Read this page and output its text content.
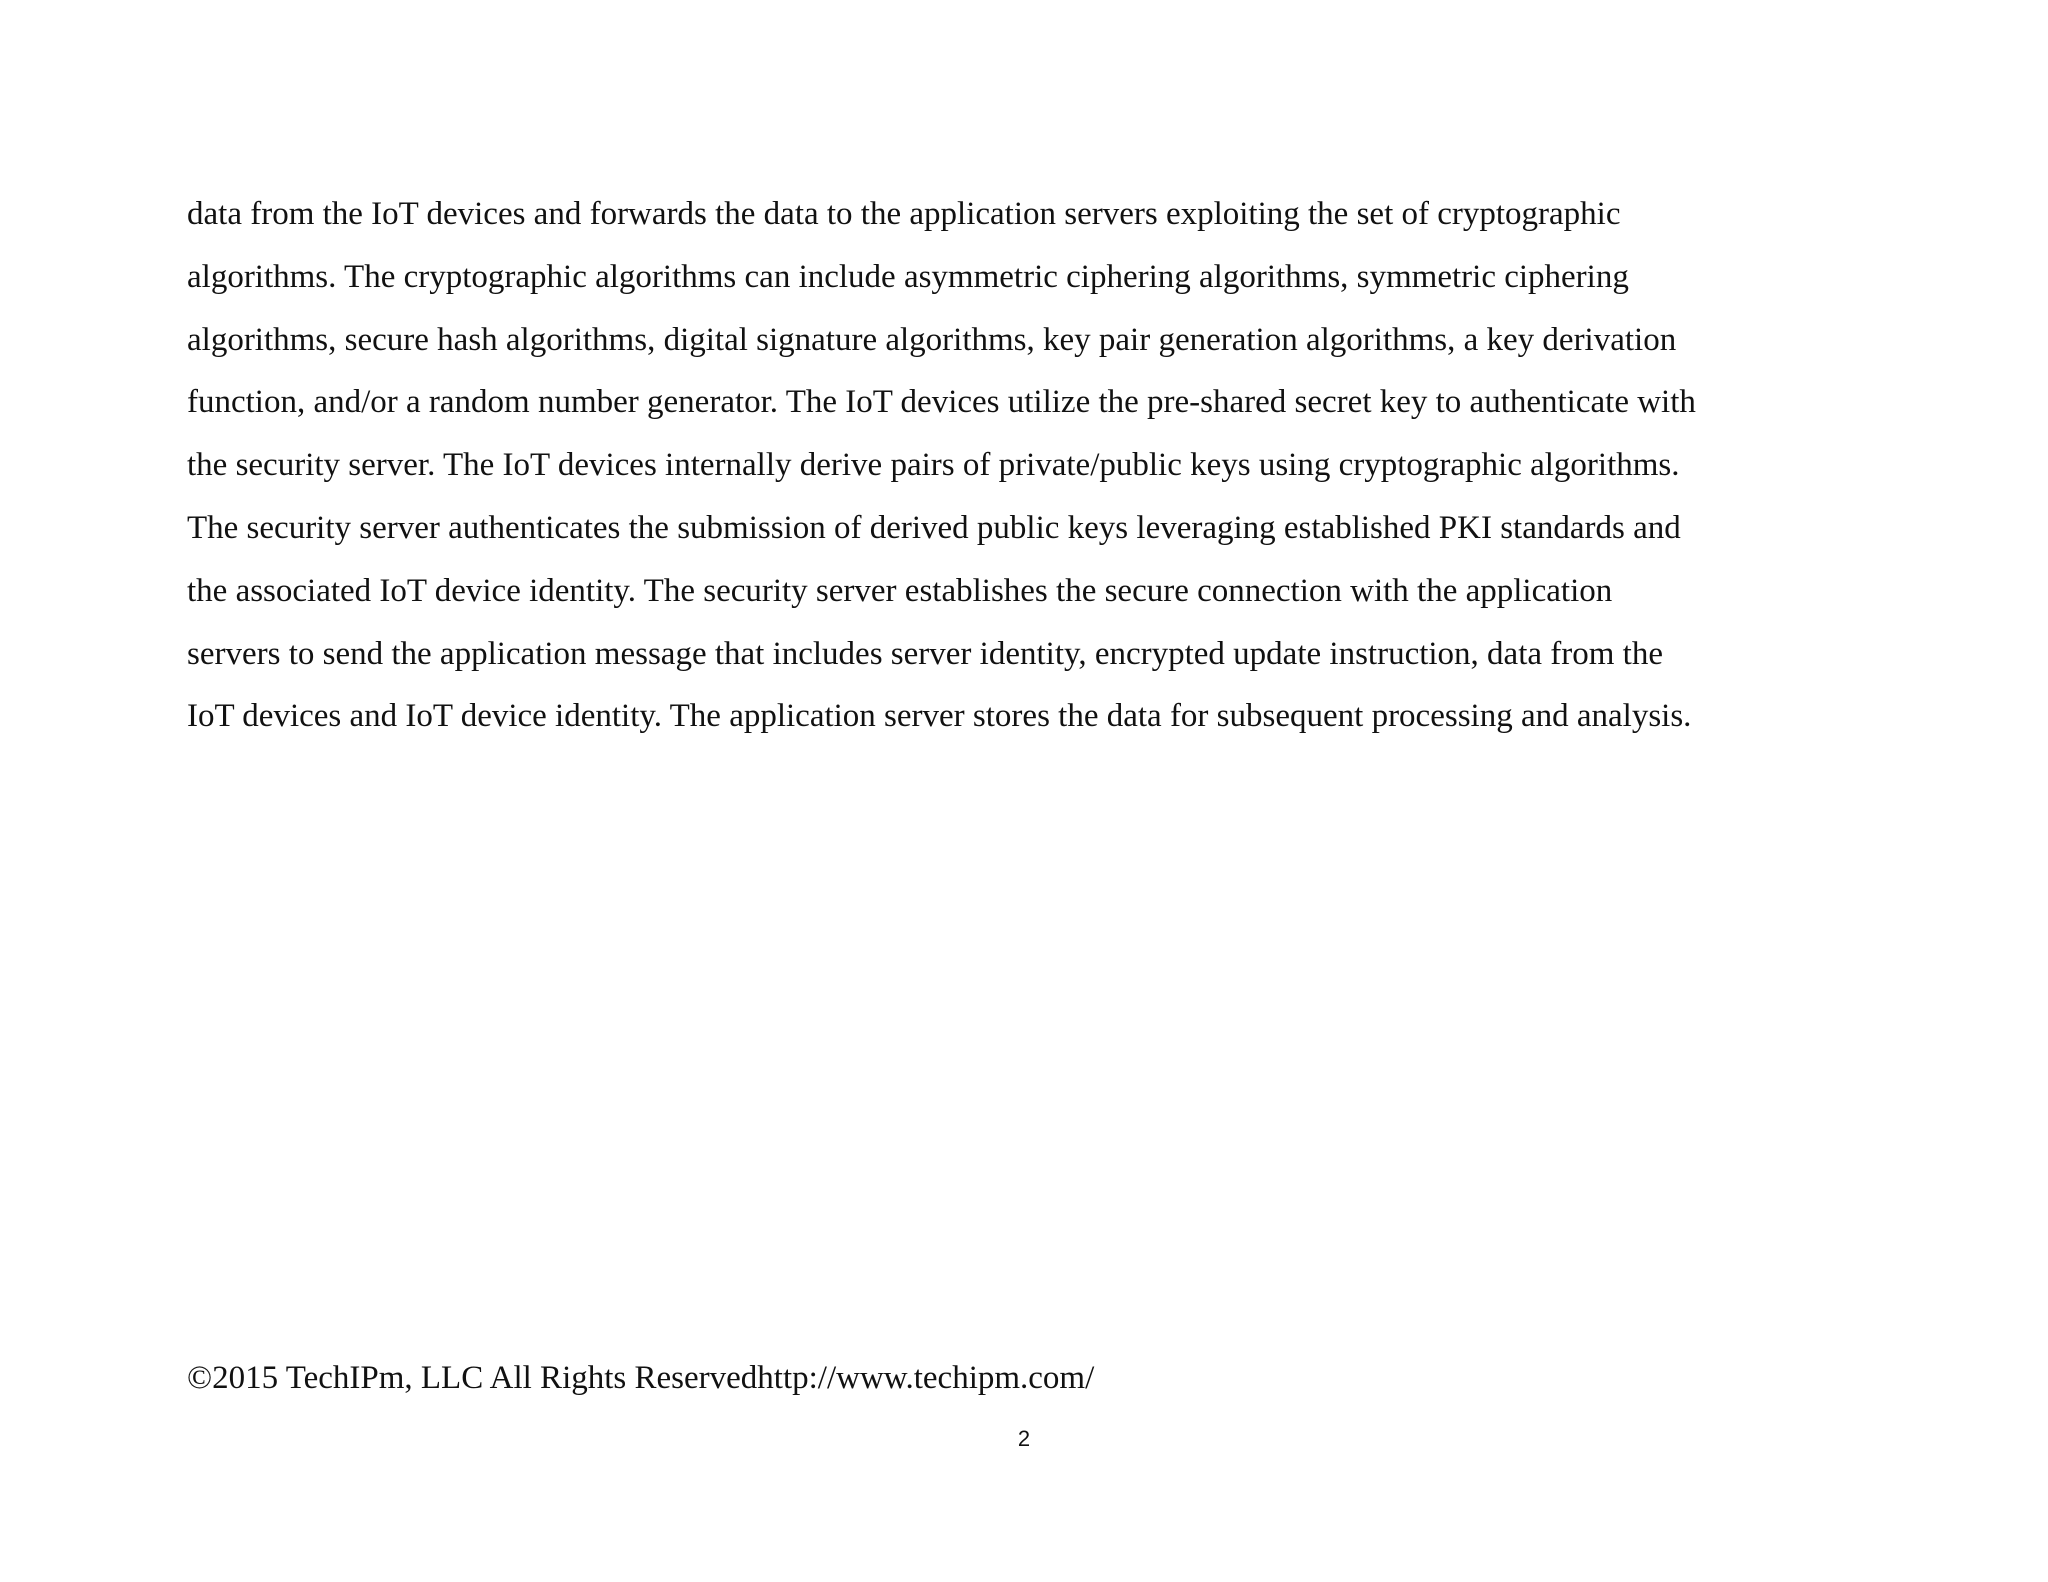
data from the IoT devices and forwards the data to the application servers exploiting the set of cryptographic
algorithms. The cryptographic algorithms can include asymmetric ciphering algorithms, symmetric ciphering
algorithms, secure hash algorithms, digital signature algorithms, key pair generation algorithms, a key derivation
function, and/or a random number generator. The IoT devices utilize the pre-shared secret key to authenticate with
the security server. The IoT devices internally derive pairs of private/public keys using cryptographic algorithms.
The security server authenticates the submission of derived public keys leveraging established PKI standards and
the associated IoT device identity. The security server establishes the secure connection with the application
servers to send the application message that includes server identity, encrypted update instruction, data from the
IoT devices and IoT device identity. The application server stores the data for subsequent processing and analysis.
©2015 TechIPm, LLC All Rights Reservedhttp://www.techipm.com/
2
